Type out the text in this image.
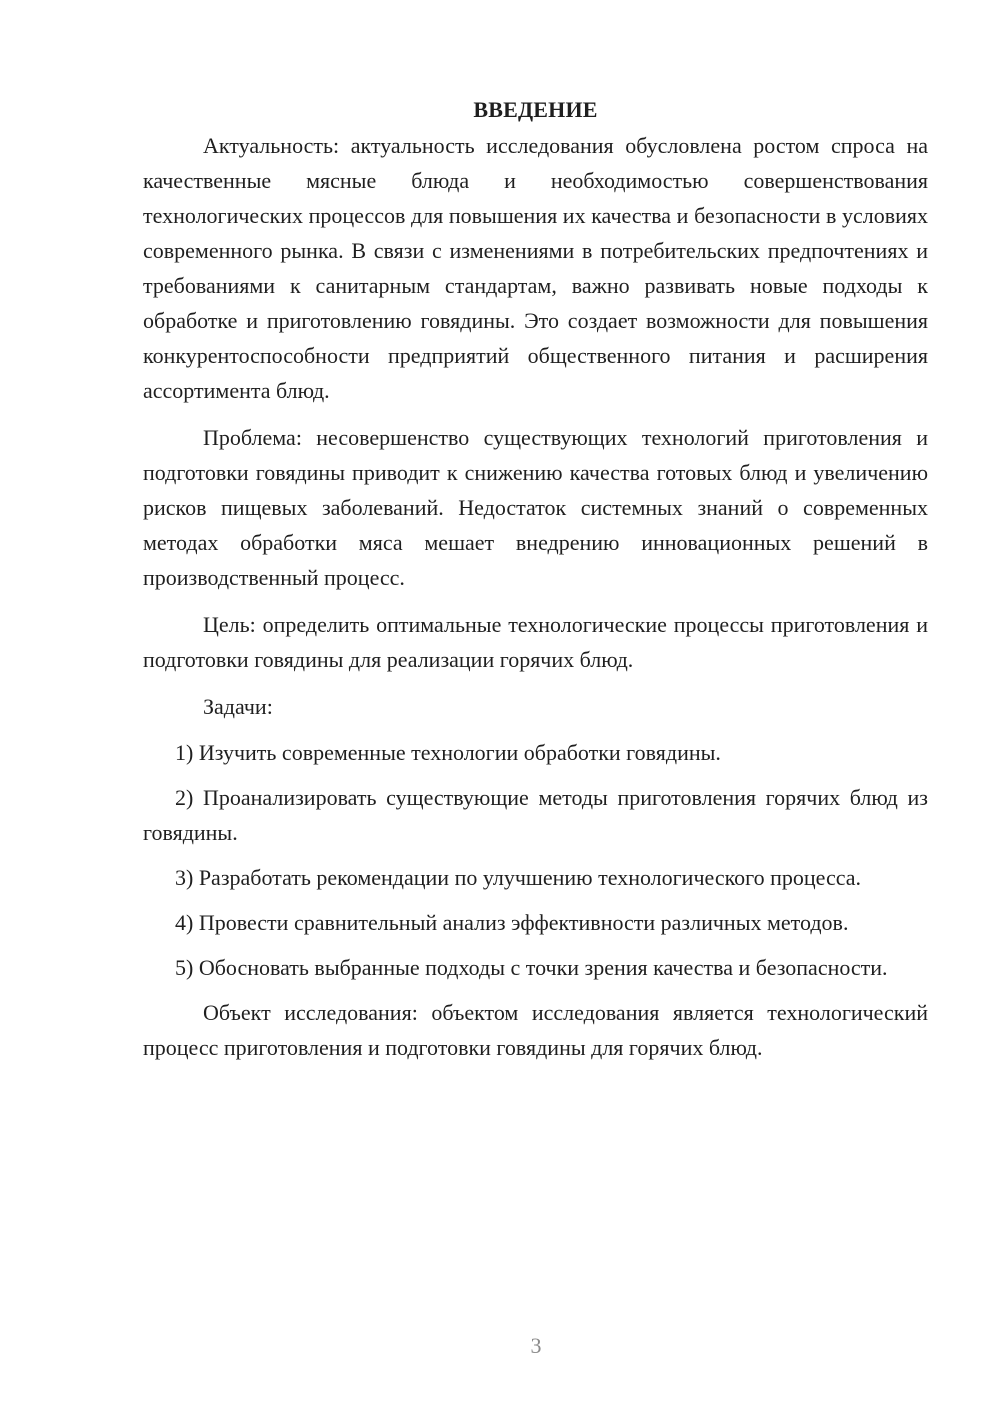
ВВЕДЕНИЕ

Актуальность: актуальность исследования обусловлена ростом спроса на качественные мясные блюда и необходимостью совершенствования технологических процессов для повышения их качества и безопасности в условиях современного рынка. В связи с изменениями в потребительских предпочтениях и требованиями к санитарным стандартам, важно развивать новые подходы к обработке и приготовлению говядины. Это создает возможности для повышения конкурентоспособности предприятий общественного питания и расширения ассортимента блюд.

Проблема: несовершенство существующих технологий приготовления и подготовки говядины приводит к снижению качества готовых блюд и увеличению рисков пищевых заболеваний. Недостаток системных знаний о современных методах обработки мяса мешает внедрению инновационных решений в производственный процесс.

Цель: определить оптимальные технологические процессы приготовления и подготовки говядины для реализации горячих блюд.

Задачи:

1) Изучить современные технологии обработки говядины.

2) Проанализировать существующие методы приготовления горячих блюд из говядины.

3) Разработать рекомендации по улучшению технологического процесса.

4) Провести сравнительный анализ эффективности различных методов.

5) Обосновать выбранные подходы с точки зрения качества и безопасности.

Объект исследования: объектом исследования является технологический процесс приготовления и подготовки говядины для горячих блюд.

3
